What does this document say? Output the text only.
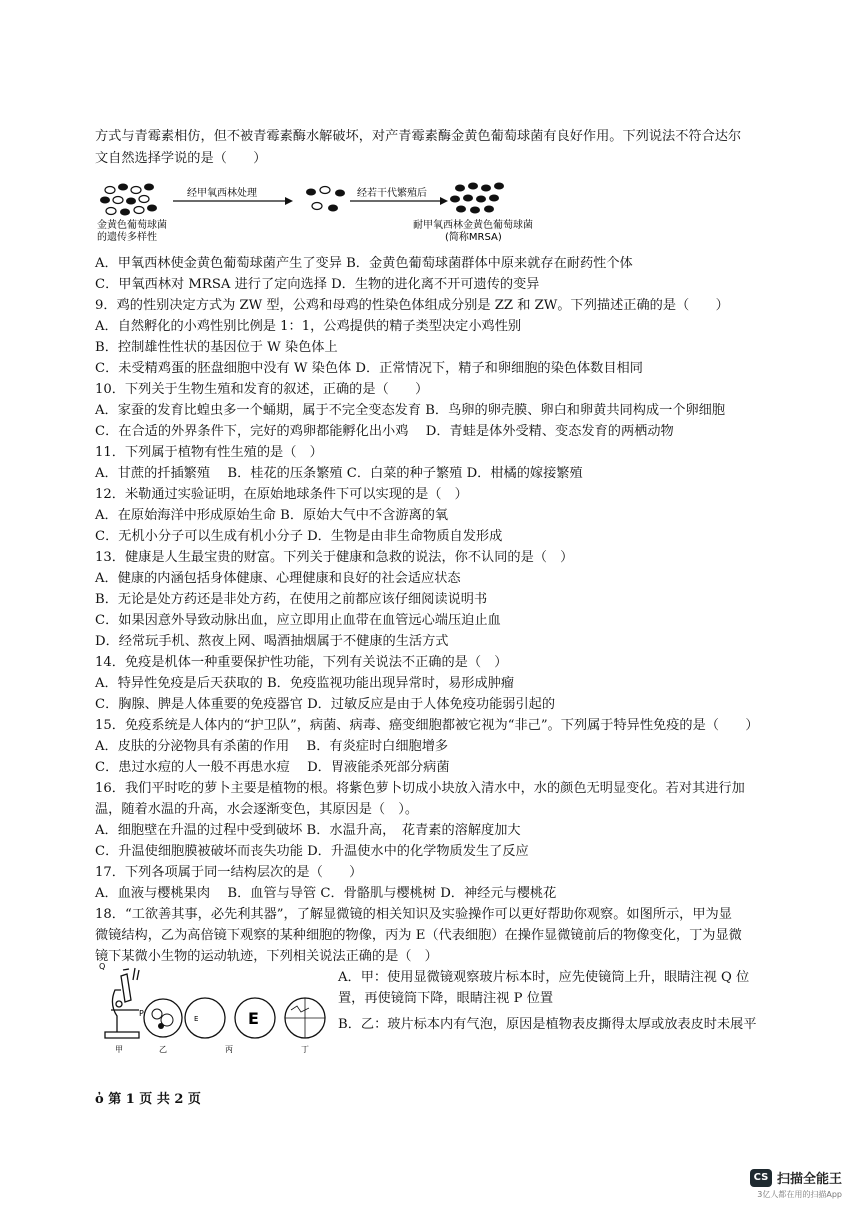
方式与青霉素相仿，但不被青霉素酶水解破坏，对产青霉素酶金黄色葡萄球菌有良好作用。下列说法不符合达尔
文自然选择学说的是（　　）
A．甲氧西林使金黄色葡萄球菌产生了变异 B．金黄色葡萄球菌群体中原来就存在耐药性个体
C．甲氧西林对 MRSA 进行了定向选择 D．生物的进化离不开可遗传的变异
9．鸡的性别决定方式为 ZW 型，公鸡和母鸡的性染色体组成分别是 ZZ 和 ZW。下列描述正确的是（　　）
A．自然孵化的小鸡性别比例是 1：1，公鸡提供的精子类型决定小鸡性别
B．控制雄性性状的基因位于 W 染色体上
C．未受精鸡蛋的胚盘细胞中没有 W 染色体 D．正常情况下，精子和卵细胞的染色体数目相同
10．下列关于生物生殖和发育的叙述，正确的是（　　）
A．家蚕的发育比蝗虫多一个蛹期，属于不完全变态发育 B．鸟卵的卵壳膜、卵白和卵黄共同构成一个卵细胞
C．在合适的外界条件下，完好的鸡卵都能孵化出小鸡　 D．青蛙是体外受精、变态发育的两栖动物
11．下列属于植物有性生殖的是（　）
A．甘蔗的扦插繁殖　 B．桂花的压条繁殖 C．白菜的种子繁殖 D．柑橘的嫁接繁殖
12．米勒通过实验证明，在原始地球条件下可以实现的是（　）
A．在原始海洋中形成原始生命 B．原始大气中不含游离的氧
C．无机小分子可以生成有机小分子 D．生物是由非生命物质自发形成
13．健康是人生最宝贵的财富。下列关于健康和急救的说法，你不认同的是（　）
A．健康的内涵包括身体健康、心理健康和良好的社会适应状态
B．无论是处方药还是非处方药，在使用之前都应该仔细阅读说明书
C．如果因意外导致动脉出血，应立即用止血带在血管远心端压迫止血
D．经常玩手机、熬夜上网、喝酒抽烟属于不健康的生活方式
14．免疫是机体一种重要保护性功能，下列有关说法不正确的是（　）
A．特异性免疫是后天获取的 B．免疫监视功能出现异常时，易形成肿瘤
C．胸腺、脾是人体重要的免疫器官 D．过敏反应是由于人体免疫功能弱引起的
15．免疫系统是人体内的“护卫队”，病菌、病毒、癌变细胞都被它视为“非己”。下列属于特异性免疫的是（　　）
A．皮肤的分泌物具有杀菌的作用　 B．有炎症时白细胞增多
C．患过水痘的人一般不再患水痘　 D．胃液能杀死部分病菌
16．我们平时吃的萝卜主要是植物的根。将紫色萝卜切成小块放入清水中，水的颜色无明显变化。若对其进行加
温，随着水温的升高，水会逐渐变色，其原因是（　）。
A．细胞壁在升温的过程中受到破坏 B．水温升高，　花青素的溶解度加大
C．升温使细胞膜被破坏而丧失功能 D．升温使水中的化学物质发生了反应
17．下列各项属于同一结构层次的是（　　）
A．血液与樱桃果肉　 B．血管与导管 C．骨骼肌与樱桃树 D．神经元与樱桃花
18．“工欲善其事，必先利其器”，了解显微镜的相关知识及实验操作可以更好帮助你观察。如图所示，甲为显
微镜结构，乙为高倍镜下观察的某种细胞的物像，丙为 E（代表细胞）在操作显微镜前后的物像变化，丁为显微
镜下某微小生物的运动轨迹，下列相关说法正确的是（　）
金黄色葡萄球菌
的遗传多样性
经甲氧西林处理	经若干代繁殖后
耐甲氧西林金黄色葡萄球菌
(简称MRSA)
Q
P
甲	乙
E	E
丙	丁
A．甲：使用显微镜观察玻片标本时，应先使镜筒上升，眼睛注视 Q 位
置，再使镜筒下降，眼睛注视 P 位置
B．乙：玻片标本内有气泡，原因是植物表皮撕得太厚或放表皮时未展平
ὀ 第 1 页 共 2 页
CS 扫描全能王
3亿人都在用的扫描App
